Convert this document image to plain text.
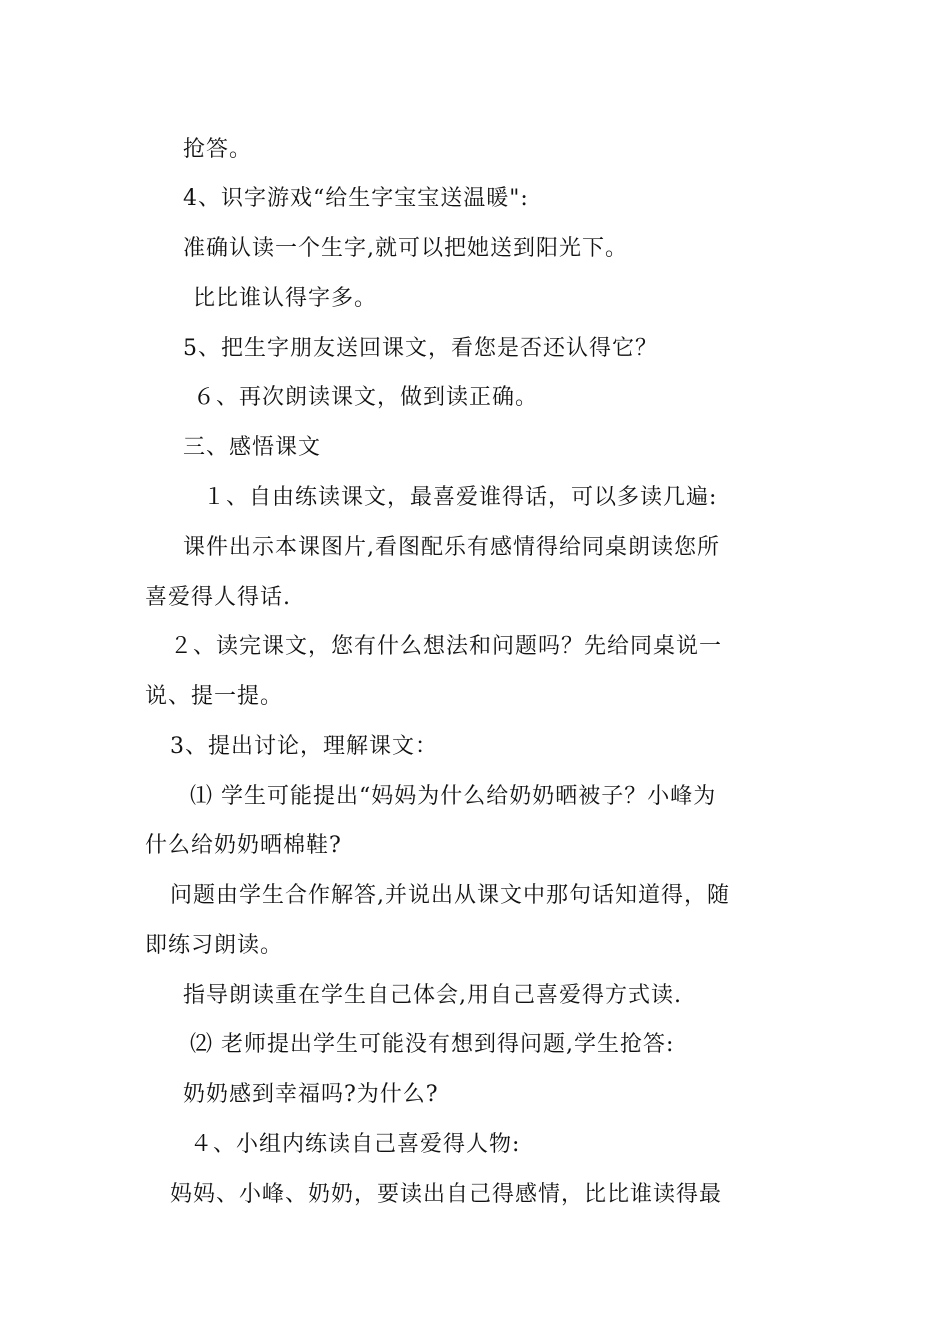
抢答。
4、识字游戏“给生字宝宝送温暖":
准确认读一个生字,就可以把她送到阳光下。
比比谁认得字多。
5、把生字朋友送回课文，看您是否还认得它？
６、再次朗读课文，做到读正确。
三、感悟课文
１、自由练读课文，最喜爱谁得话，可以多读几遍:
课件出示本课图片,看图配乐有感情得给同桌朗读您所
喜爱得人得话.
２、读完课文，您有什么想法和问题吗？先给同桌说一
说、提一提。
3、提出讨论，理解课文：
⑴ 学生可能提出“妈妈为什么给奶奶晒被子？小峰为
什么给奶奶晒棉鞋?
问题由学生合作解答,并说出从课文中那句话知道得，随
即练习朗读。
指导朗读重在学生自己体会,用自己喜爱得方式读.
⑵ 老师提出学生可能没有想到得问题,学生抢答:
奶奶感到幸福吗?为什么?
４、小组内练读自己喜爱得人物:
妈妈、小峰、奶奶，要读出自己得感情，比比谁读得最
